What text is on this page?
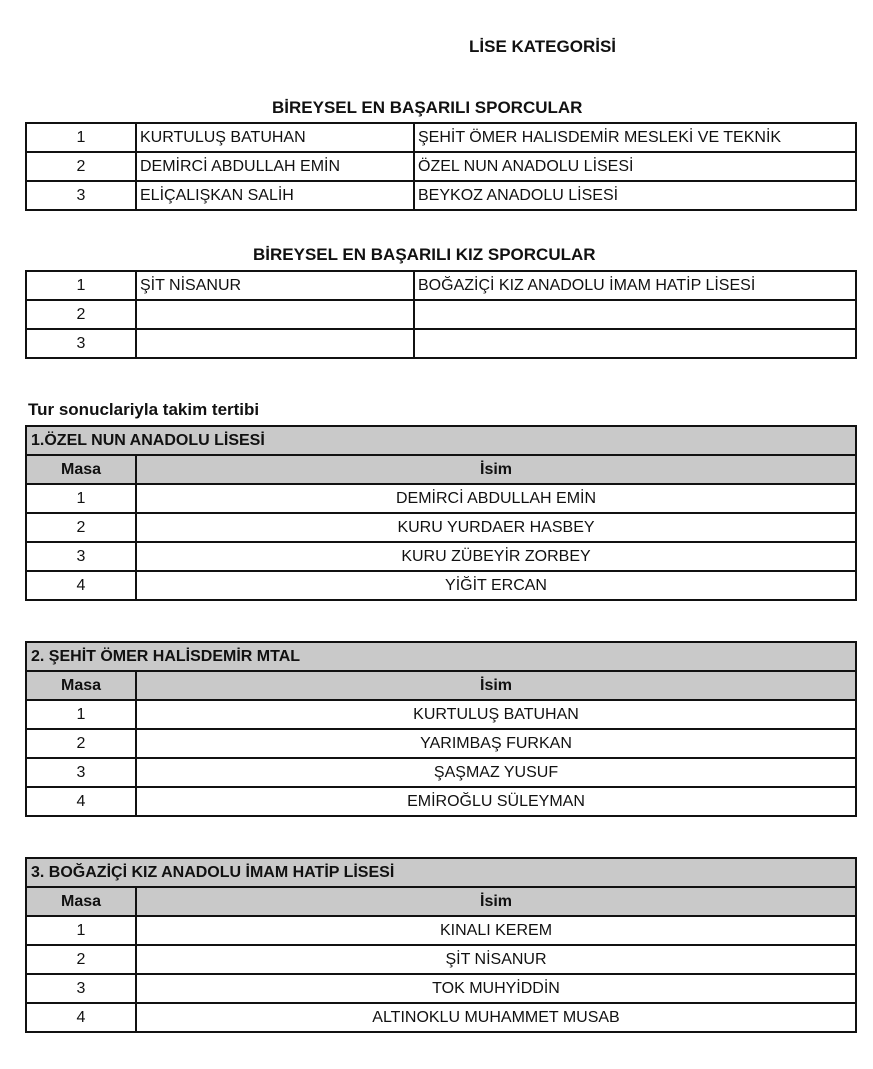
LİSE KATEGORİSİ
BİREYSEL EN BAŞARILI SPORCULAR
1	KURTULUŞ BATUHAN	ŞEHİT ÖMER HALISDEMİR MESLEKİ VE TEKNİK
2	DEMİRCİ ABDULLAH EMİN	ÖZEL NUN ANADOLU LİSESİ
3	ELİÇALIŞKAN SALİH	BEYKOZ ANADOLU LİSESİ
BİREYSEL EN BAŞARILI KIZ SPORCULAR
1	ŞİT NİSANUR	BOĞAZİÇİ KIZ ANADOLU İMAM HATİP LİSESİ
2		
3		
Tur sonuclariyla takim tertibi
1.ÖZEL NUN ANADOLU LİSESİ	
Masa	İsim
1	DEMİRCİ ABDULLAH EMİN
2	KURU YURDAER HASBEY
3	KURU ZÜBEYİR ZORBEY
4	YİĞİT ERCAN
2. ŞEHİT ÖMER HALİSDEMİR MTAL	
Masa	İsim
1	KURTULUŞ BATUHAN
2	YARIMBAŞ FURKAN
3	ŞAŞMAZ YUSUF
4	EMİROĞLU SÜLEYMAN
3. BOĞAZİÇİ KIZ ANADOLU İMAM HATİP LİSESİ	
Masa	İsim
1	KINALI KEREM
2	ŞİT NİSANUR
3	TOK MUHYİDDİN
4	ALTINOKLU MUHAMMET MUSAB
